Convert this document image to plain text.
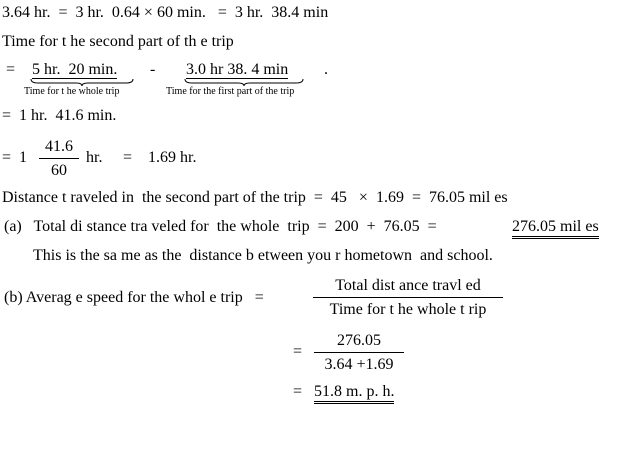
3.64 hr.  =  3 hr.  0.64 × 60 min.   =  3 hr.  38.4 min
Time for t he second part of th e trip
= 5 hr.  20 min. - 3.0 hr 38. 4 min .
Time for t he whole trip	Time for the first part of the trip
=  1 hr.  41.6 min.
=  1
41.6
60
hr. =    1.69 hr.
Distance t raveled in  the second part of the trip  =  45   ×  1.69  =  76.05 mil es
(a)   Total di stance tra veled for  the whole  trip  =  200  +  76.05  =	276.05 mil es
This is the sa me as the  distance b etween you r hometown  and school.
(b) Averag e speed for the whol e trip   =
Total dist ance travl ed
Time for t he whole t rip
=
276.05
3.64 +1.69
= 51.8 m. p. h.
